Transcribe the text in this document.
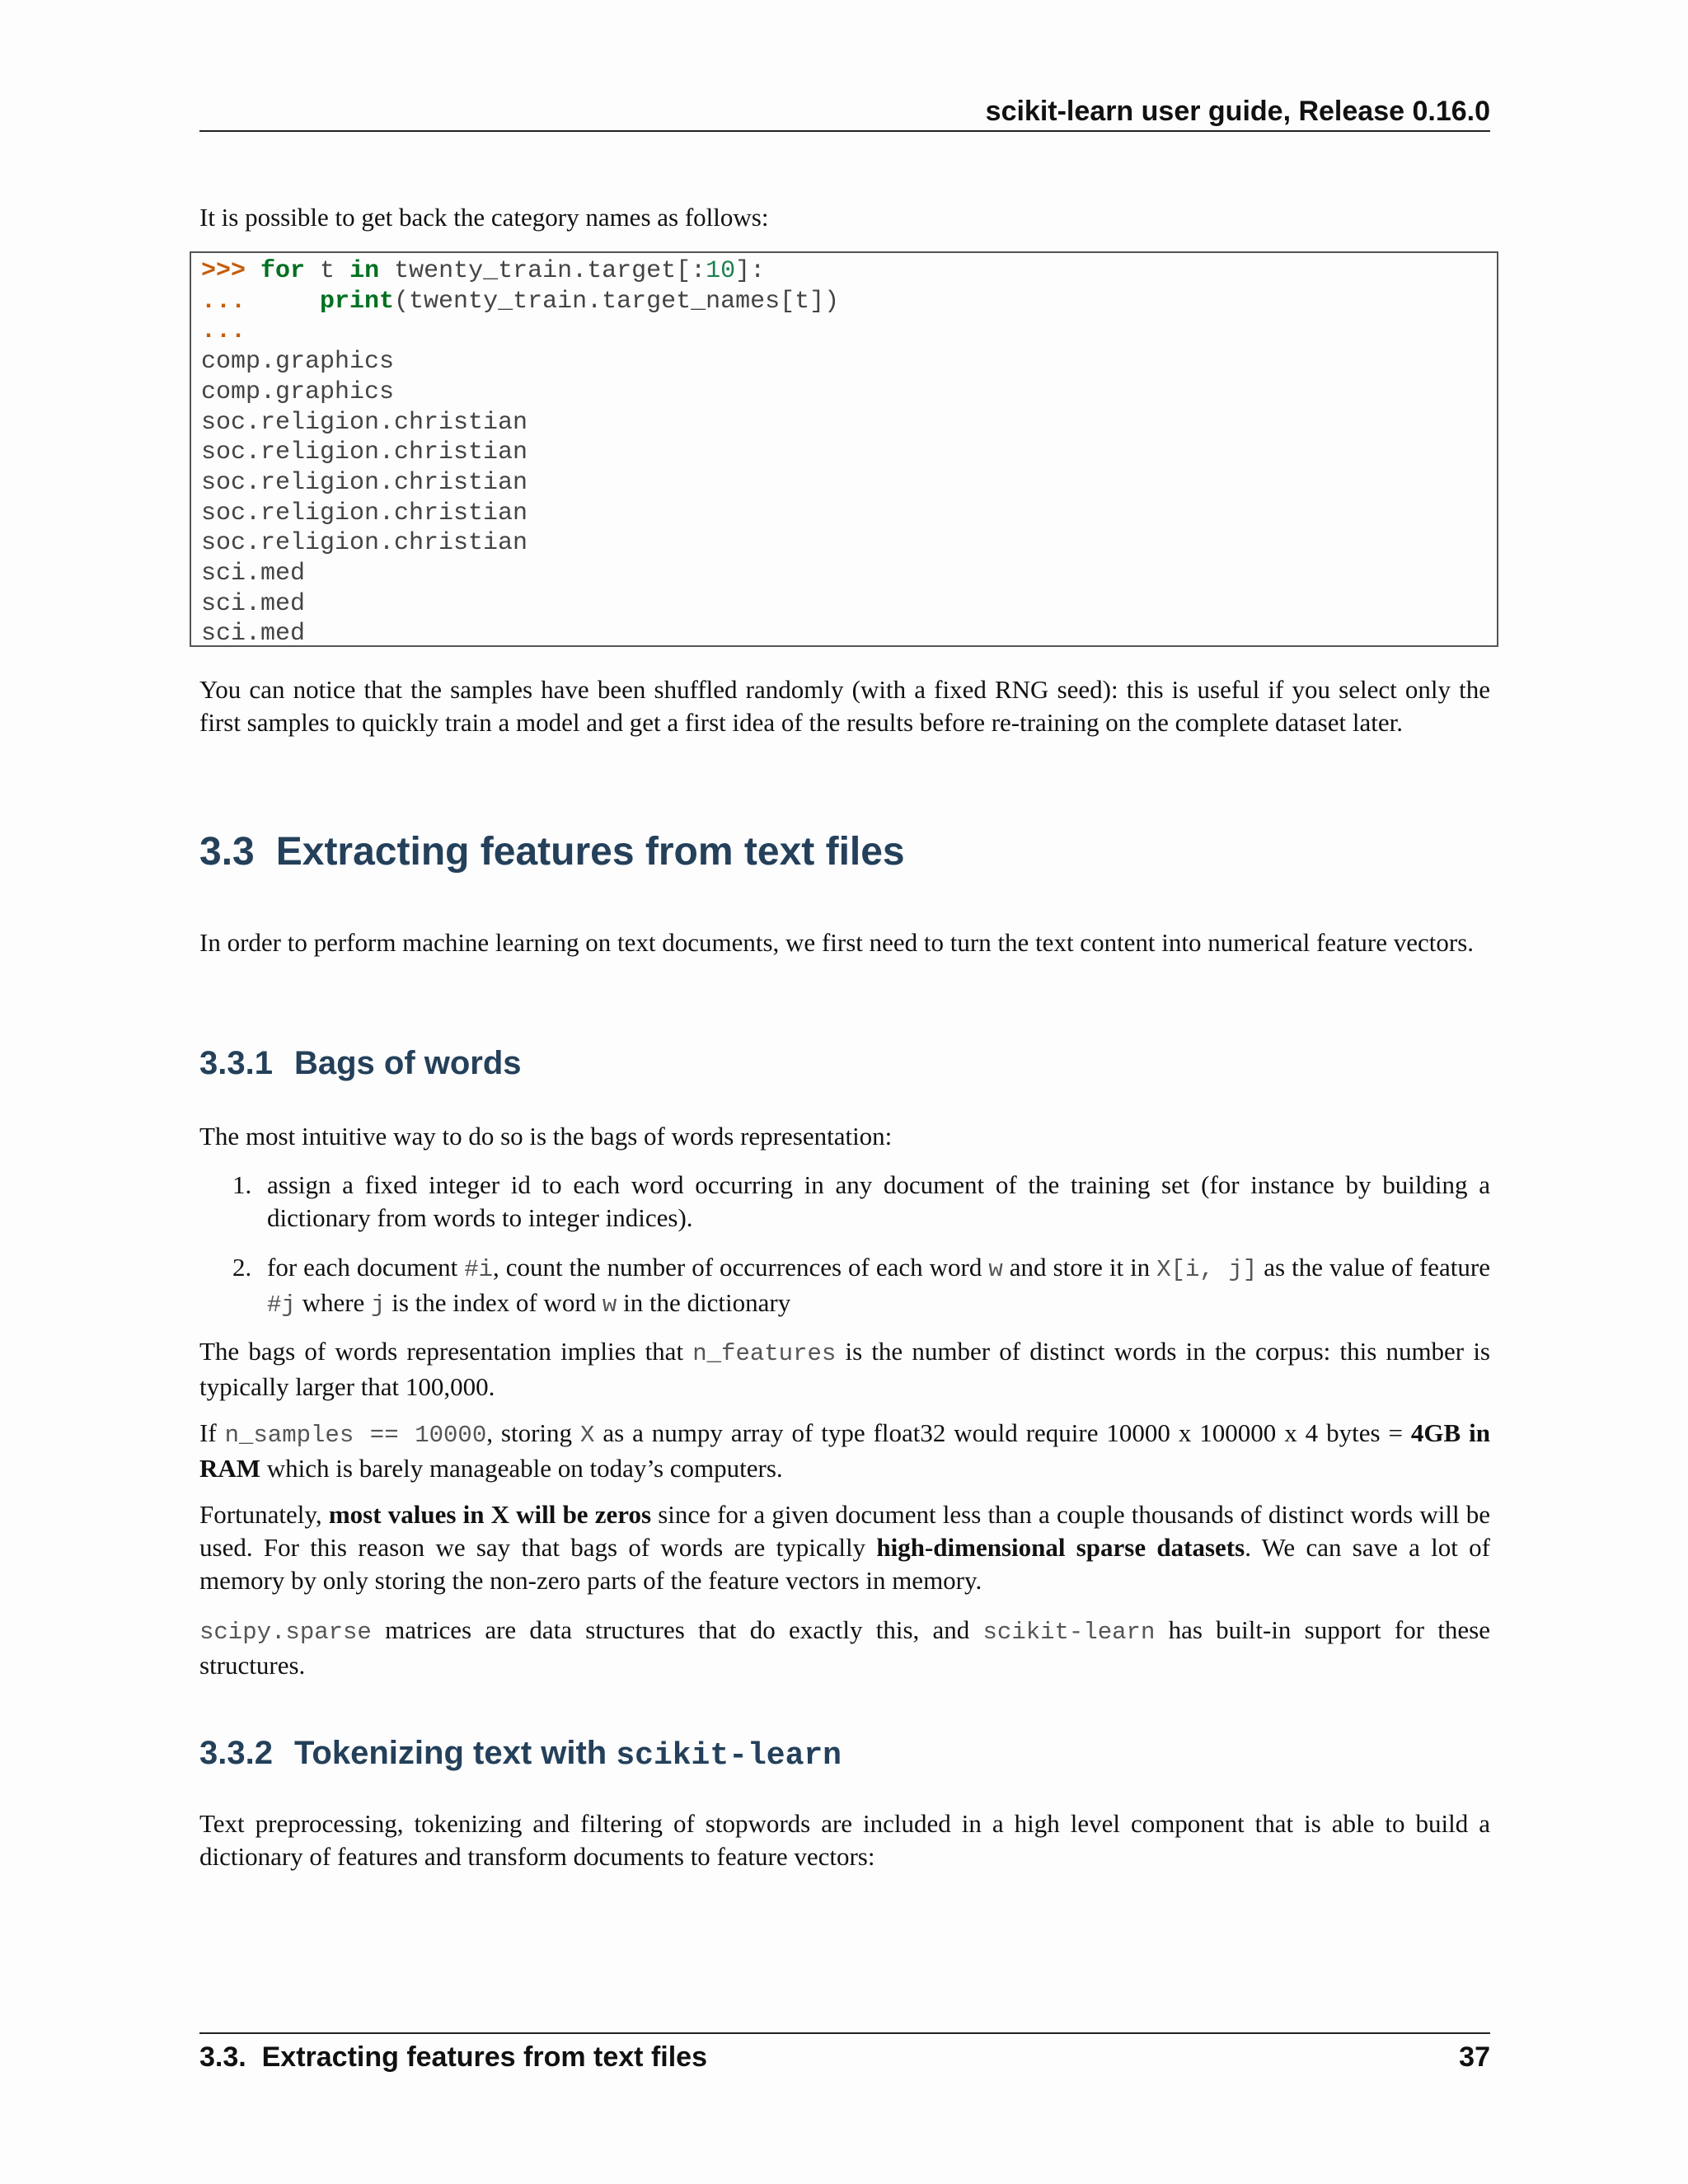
scikit-learn user guide, Release 0.16.0

It is possible to get back the category names as follows:

>>> for t in twenty_train.target[:10]:
...	print(twenty_train.target_names[t])
...
comp.graphics
comp.graphics
soc.religion.christian
soc.religion.christian
soc.religion.christian
soc.religion.christian
soc.religion.christian
sci.med
sci.med
sci.med

You can notice that the samples have been shuffled randomly (with a fixed RNG seed): this is useful if you select only the first samples to quickly train a model and get a first idea of the results before re-training on the complete dataset later.

3.3 Extracting features from text files

In order to perform machine learning on text documents, we first need to turn the text content into numerical feature vectors.

3.3.1 Bags of words

The most intuitive way to do so is the bags of words representation:

1. assign a fixed integer id to each word occurring in any document of the training set (for instance by building a dictionary from words to integer indices).
2. for each document #i, count the number of occurrences of each word w and store it in X[i, j] as the value of feature #j where j is the index of word w in the dictionary

The bags of words representation implies that n_features is the number of distinct words in the corpus: this number is typically larger that 100,000.

If n_samples == 10000, storing X as a numpy array of type float32 would require 10000 x 100000 x 4 bytes = 4GB in RAM which is barely manageable on today’s computers.

Fortunately, most values in X will be zeros since for a given document less than a couple thousands of distinct words will be used. For this reason we say that bags of words are typically high-dimensional sparse datasets. We can save a lot of memory by only storing the non-zero parts of the feature vectors in memory.

scipy.sparse matrices are data structures that do exactly this, and scikit-learn has built-in support for these structures.

3.3.2 Tokenizing text with scikit-learn

Text preprocessing, tokenizing and filtering of stopwords are included in a high level component that is able to build a dictionary of features and transform documents to feature vectors:

3.3.  Extracting features from text files	37
